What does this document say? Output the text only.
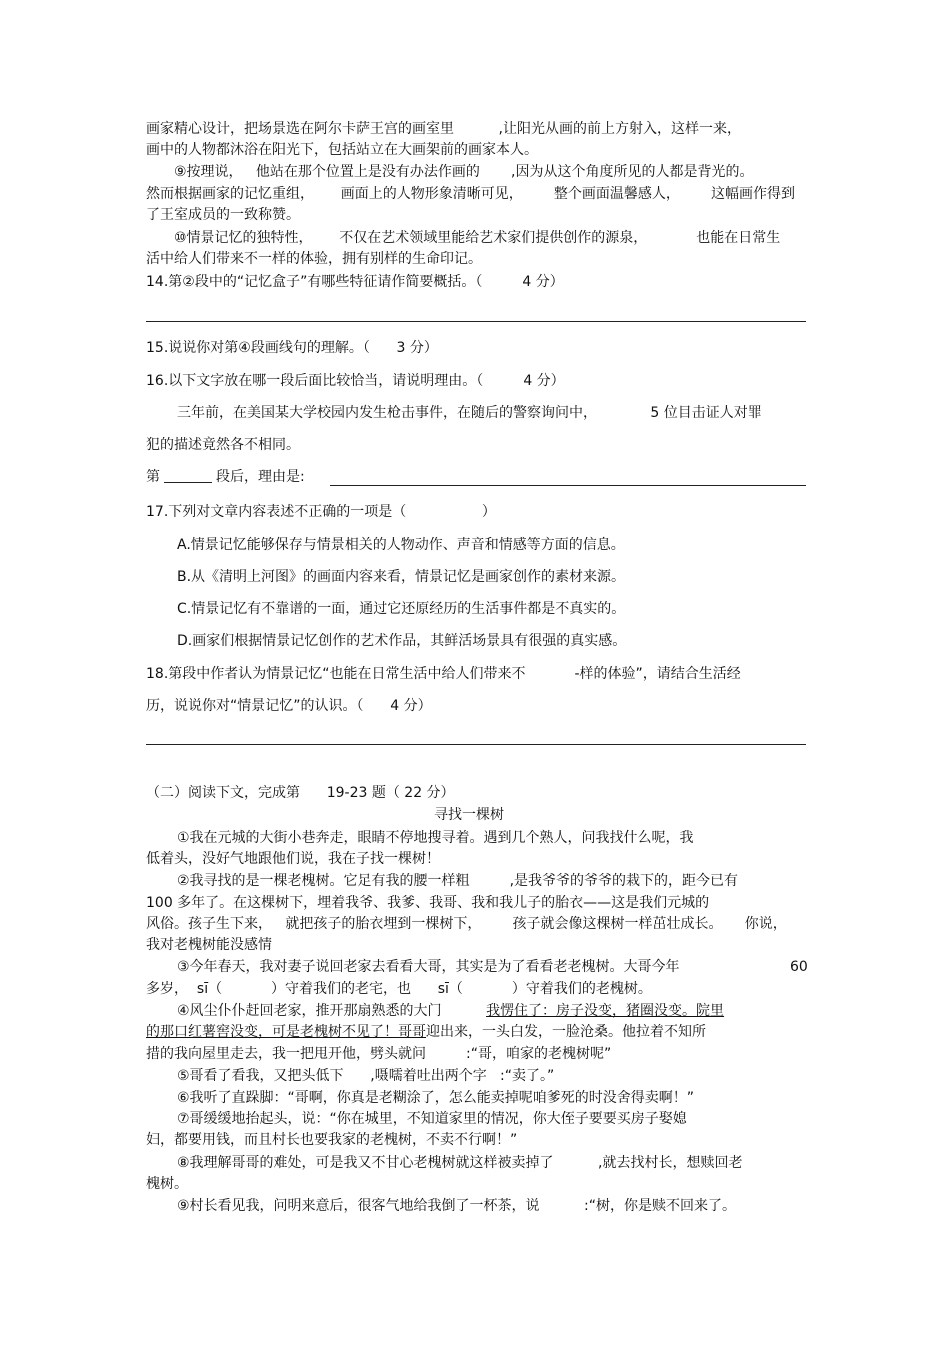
画家精心设计，把场景选在阿尔卡萨王宫的画室里          ,让阳光从画的前上方射入，这样一来，
画中的人物都沐浴在阳光下，包括站立在大画架前的画家本人。
⑨按理说，   他站在那个位置上是没有办法作画的       ,因为从这个角度所见的人都是背光的。
然而根据画家的记忆重组，      画面上的人物形象清晰可见，       整个画面温馨感人，       这幅画作得到
了王室成员的一致称赞。
⑩情景记忆的独特性，      不仅在艺术领域里能给艺术家们提供创作的源泉，           也能在日常生
活中给人们带来不一样的体验，拥有别样的生命印记。
14.第②段中的“记忆盒子”有哪些特征请作简要概括。（         4 分）
15.说说你对第④段画线句的理解。（      3 分）
16.以下文字放在哪一段后面比较恰当，请说明理由。（         4 分）
三年前，在美国某大学校园内发生枪击事件，在随后的警察询问中，            5 位目击证人对罪
犯的描述竟然各不相同。
第	段后，理由是:
17.下列对文章内容表述不正确的一项是（                 ）
A.情景记忆能够保存与情景相关的人物动作、声音和情感等方面的信息。
B.从《清明上河图》的画面内容来看，情景记忆是画家创作的素材来源。
C.情景记忆有不靠谱的一面，通过它还原经历的生活事件都是不真实的。
D.画家们根据情景记忆创作的艺术作品，其鲜活场景具有很强的真实感。
18.第段中作者认为情景记忆“也能在日常生活中给人们带来不           -样的体验”，请结合生活经
历，说说你对“情景记忆”的认识。（      4 分）
（二）阅读下文，完成第      19-23 题（ 22 分）
寻找一棵树
①我在元城的大街小巷奔走，眼睛不停地搜寻着。遇到几个熟人，问我找什么呢，我
低着头，没好气地跟他们说，我在子找一棵树！
②我寻找的是一棵老槐树。它足有我的腰一样粗         ,是我爷爷的爷爷的栽下的，距今已有
100 多年了。在这棵树下，埋着我爷、我爹、我哥、我和我儿子的胎衣——这是我们元城的
风俗。孩子生下来，   就把孩子的胎衣埋到一棵树下，       孩子就会像这棵树一样茁壮成长。     你说，
我对老槐树能没感情
③今年春天，我对妻子说回老家去看看大哥，其实是为了看看老老槐树。大哥今年	60
多岁，  sī（           ）守着我们的老宅，也      sī（           ）守着我们的老槐树。
④风尘仆仆赶回老家，推开那扇熟悉的大门          我愣住了：房子没变，猪圈没变。院里
的那口红薯窖没变，可是老槐树不见了！哥哥迎出来，一头白发，一脸沧桑。他拉着不知所
措的我向屋里走去，我一把甩开他，劈头就问         :“哥，咱家的老槐树呢”
⑤哥看了看我，又把头低下      ,嗫嚅着吐出两个字   :“卖了。”
⑥我听了直跺脚：“哥啊，你真是老糊涂了，怎么能卖掉呢咱爹死的时没舍得卖啊！”
⑦哥缓缓地抬起头，说：“你在城里，不知道家里的情况，你大侄子要要买房子娶媳
妇，都要用钱，而且村长也要我家的老槐树，不卖不行啊！”
⑧我理解哥哥的难处，可是我又不甘心老槐树就这样被卖掉了          ,就去找村长，想赎回老
槐树。
⑨村长看见我，问明来意后，很客气地给我倒了一杯茶，说          :“树，你是赎不回来了。
